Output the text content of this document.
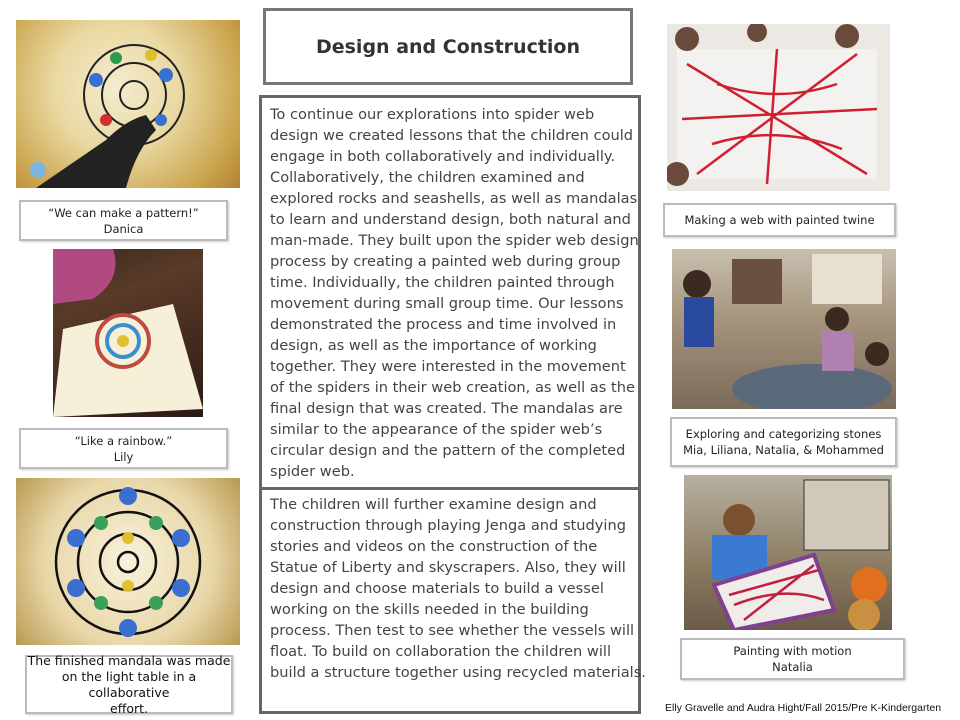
“We can make a pattern!”
Danica
“Like a rainbow.”
Lily
The finished mandala was made
on the light table in a collaborative
effort.
Design and Construction
To continue our explorations into spider web
design we created lessons that the children could
engage in both collaboratively and individually.
Collaboratively, the children examined and
explored rocks and seashells, as well as mandalas
to learn and understand design, both natural and
man-made. They built upon the spider web design
process by creating a painted web during group
time. Individually, the children painted through
movement during small group time. Our lessons
demonstrated the process and time involved in
design, as well as the importance of working
together. They were interested in the movement
of the spiders in their web creation, as well as the
final design that was created. The mandalas are
similar to the appearance of the spider web’s
circular design and the pattern of the completed
spider web.
The children will further examine design and
construction through playing Jenga and studying
stories and videos on the construction of the
Statue of Liberty and skyscrapers. Also, they will
design and choose materials to build a vessel
working on the skills needed in the building
process. Then test to see whether the vessels will
float. To build on collaboration the children will
build a structure together using recycled materials.
Making a web with painted twine
Exploring and categorizing stones
Mia, Liliana, Natalia, & Mohammed
Painting with motion
Natalia
Elly Gravelle and Audra Hight/Fall 2015/Pre K-Kindergarten
